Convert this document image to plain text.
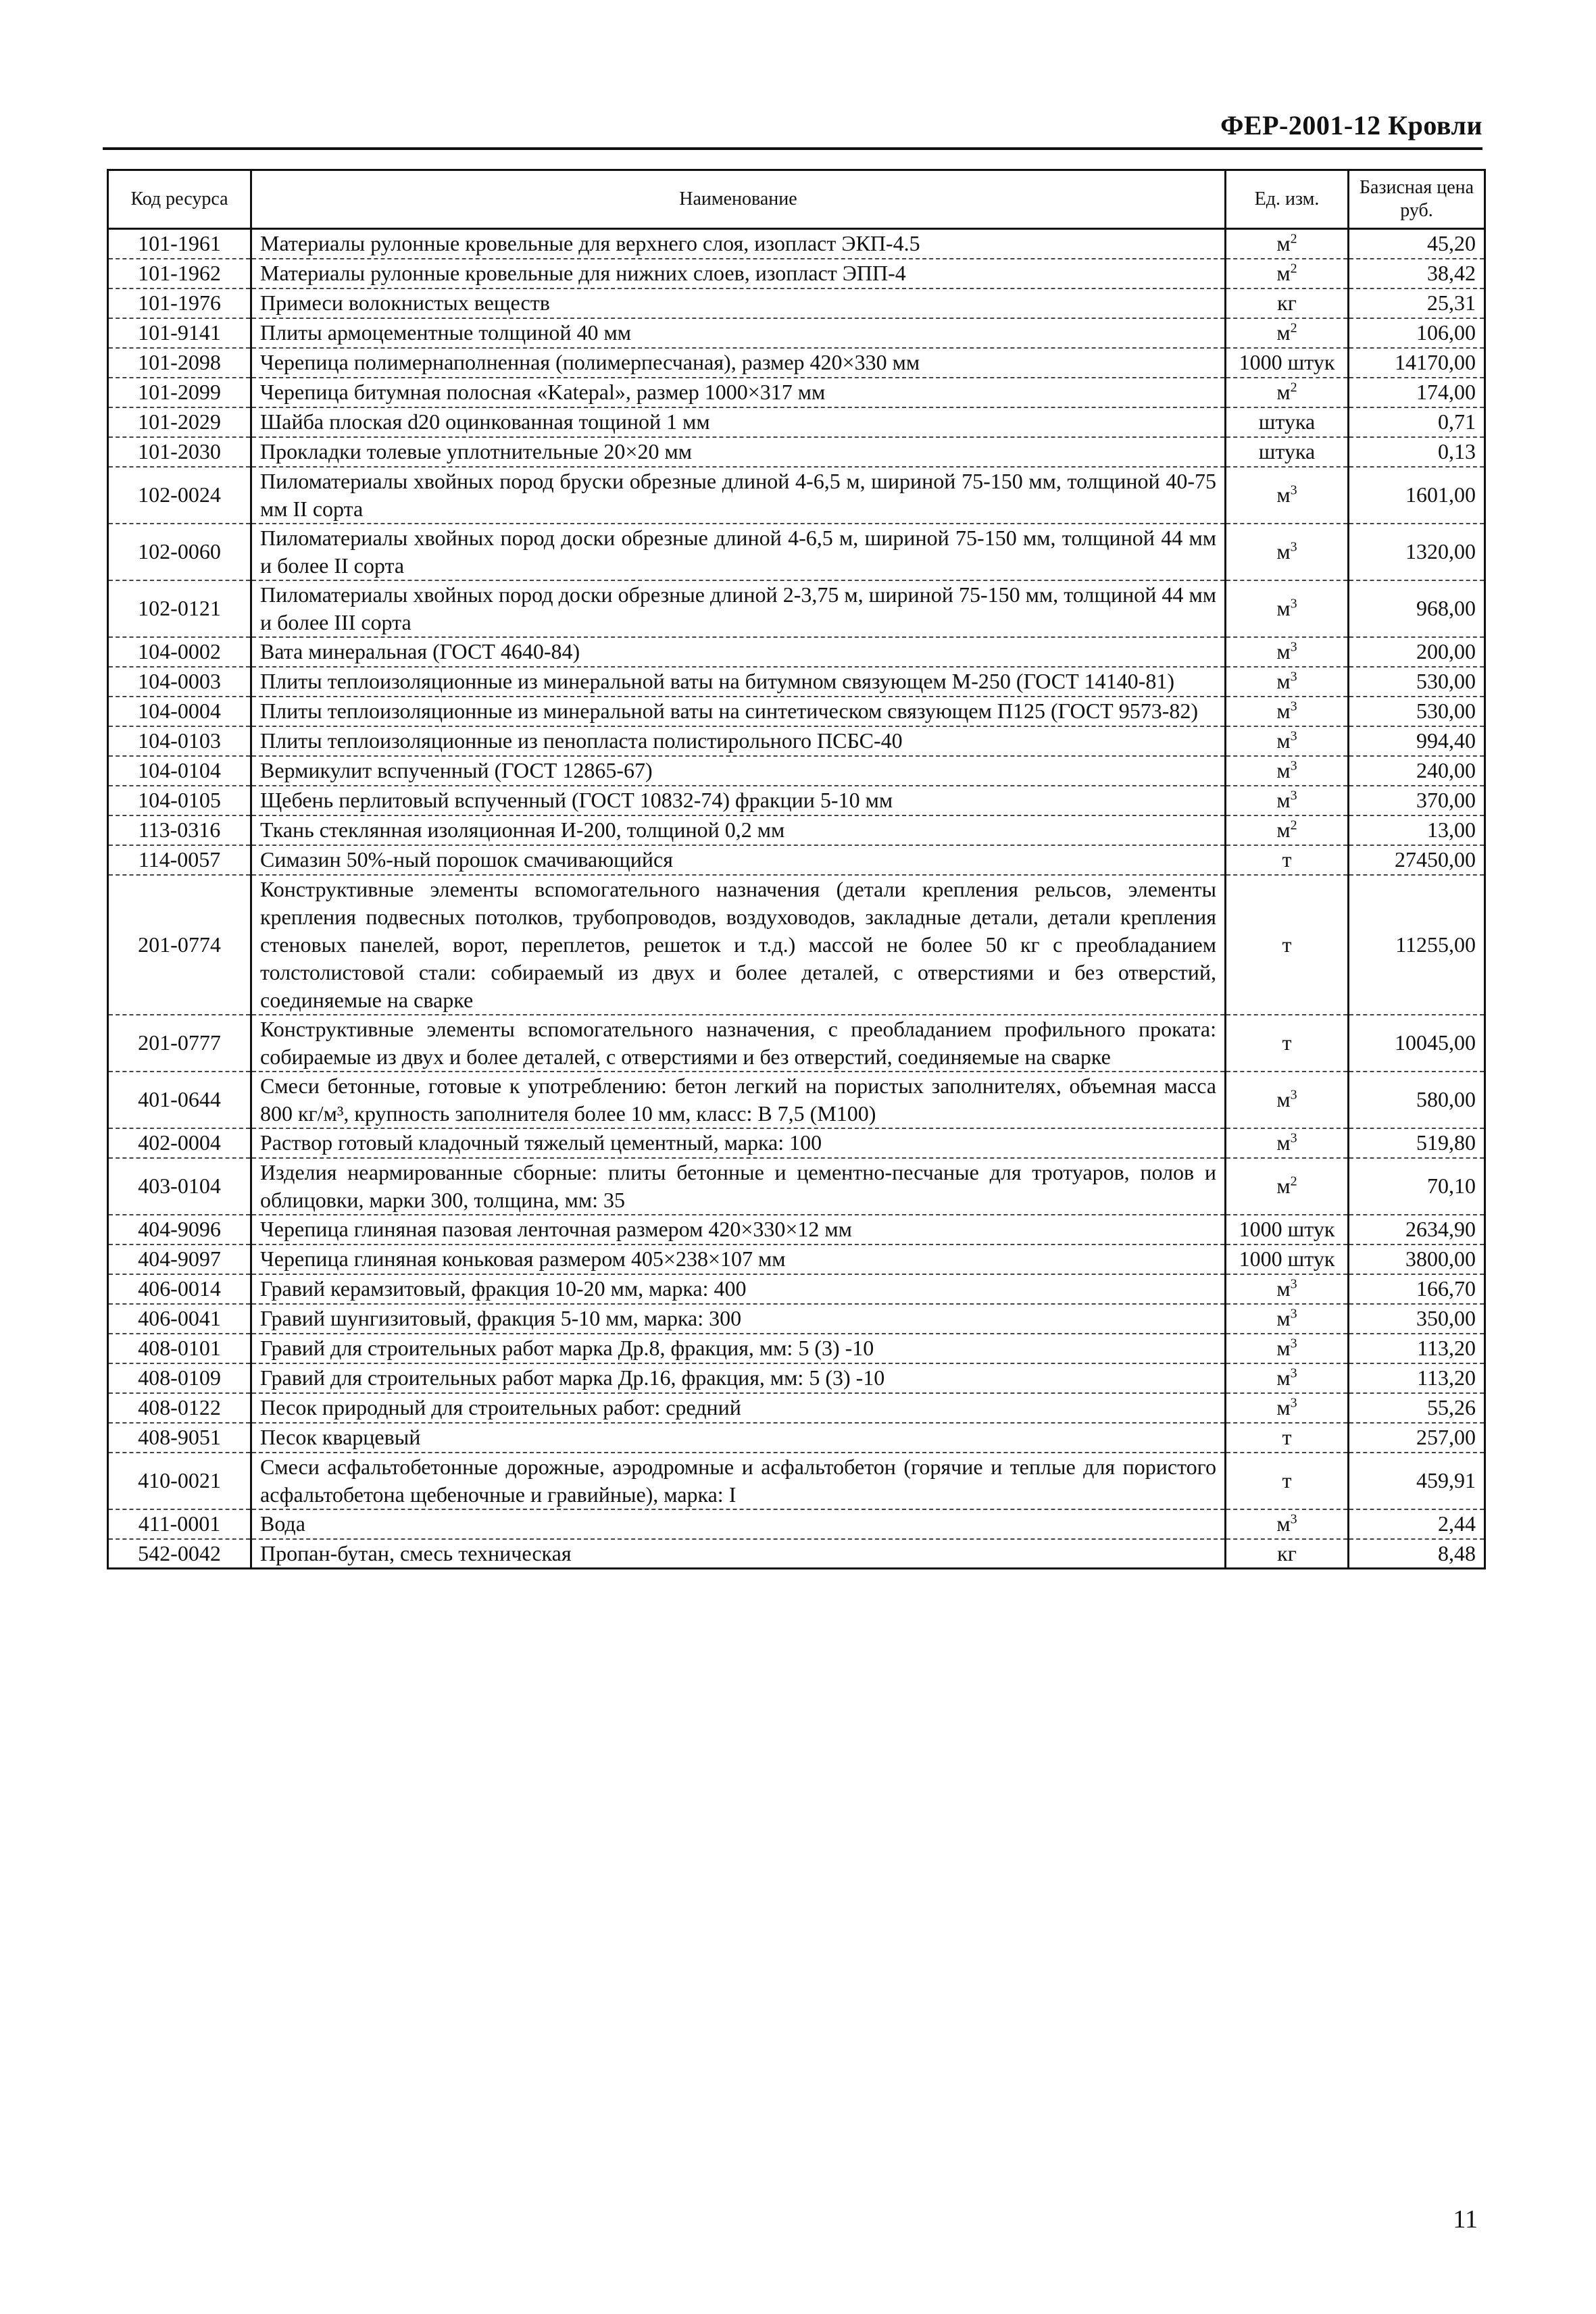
ФЕР-2001-12 Кровли
Код ресурса	Наименование	Ед. изм.	Базисная цена руб.
101-1961	Материалы рулонные кровельные для верхнего слоя, изопласт ЭКП-4.5	$м^2$	45,20
101-1962	Материалы рулонные кровельные для нижних слоев, изопласт ЭПП-4	$м^2$	38,42
101-1976	Примеси волокнистых веществ	кг	25,31
101-9141	Плиты армоцементные толщиной 40 мм	$м^2$	106,00
101-2098	Черепица полимернаполненная (полимерпесчаная), размер 420×330 мм	1000 штук	14170,00
101-2099	Черепица битумная полосная «Katepal», размер 1000×317 мм	$м^2$	174,00
101-2029	Шайба плоская d20 оцинкованная тощиной 1 мм	штука	0,71
101-2030	Прокладки толевые уплотнительные 20×20 мм	штука	0,13
102-0024	Пиломатериалы хвойных пород бруски обрезные длиной 4-6,5 м, шириной 75-150 мм, толщиной 40-75 мм II сорта	$м^3$	1601,00
102-0060	Пиломатериалы хвойных пород доски обрезные длиной 4-6,5 м, шириной 75-150 мм, толщиной 44 мм и более II сорта	$м^3$	1320,00
102-0121	Пиломатериалы хвойных пород доски обрезные длиной 2-3,75 м, шириной 75-150 мм, толщиной 44 мм и более III сорта	$м^3$	968,00
104-0002	Вата минеральная (ГОСТ 4640-84)	$м^3$	200,00
104-0003	Плиты теплоизоляционные из минеральной ваты на битумном связующем М-250 (ГОСТ 14140-81)	$м^3$	530,00
104-0004	Плиты теплоизоляционные из минеральной ваты на синтетическом связующем П125 (ГОСТ 9573-82)	$м^3$	530,00
104-0103	Плиты теплоизоляционные из пенопласта полистирольного ПСБС-40	$м^3$	994,40
104-0104	Вермикулит вспученный (ГОСТ 12865-67)	$м^3$	240,00
104-0105	Щебень перлитовый вспученный (ГОСТ 10832-74) фракции 5-10 мм	$м^3$	370,00
113-0316	Ткань стеклянная изоляционная И-200, толщиной 0,2 мм	$м^2$	13,00
114-0057	Симазин 50%-ный порошок смачивающийся	т	27450,00
201-0774	Конструктивные элементы вспомогательного назначения (детали крепления рельсов, элементы крепления подвесных потолков, трубопроводов, воздуховодов, закладные детали, детали крепления стеновых панелей, ворот, переплетов, решеток и т.д.) массой не более 50 кг с преобладанием толстолистовой стали: собираемый из двух и более деталей, с отверстиями и без отверстий, соединяемые на сварке	т	11255,00
201-0777	Конструктивные элементы вспомогательного назначения, с преобладанием профильного проката: собираемые из двух и более деталей, с отверстиями и без отверстий, соединяемые на сварке	т	10045,00
401-0644	Смеси бетонные, готовые к употреблению: бетон легкий на пористых заполнителях, объемная масса 800 кг/м³, крупность заполнителя более 10 мм, класс: В 7,5 (М100)	$м^3$	580,00
402-0004	Раствор готовый кладочный тяжелый цементный, марка: 100	$м^3$	519,80
403-0104	Изделия неармированные сборные: плиты бетонные и цементно-песчаные для тротуаров, полов и облицовки, марки 300, толщина, мм: 35	$м^2$	70,10
404-9096	Черепица глиняная пазовая ленточная размером 420×330×12 мм	1000 штук	2634,90
404-9097	Черепица глиняная коньковая размером 405×238×107 мм	1000 штук	3800,00
406-0014	Гравий керамзитовый, фракция 10-20 мм, марка: 400	$м^3$	166,70
406-0041	Гравий шунгизитовый, фракция 5-10 мм, марка: 300	$м^3$	350,00
408-0101	Гравий для строительных работ марка Др.8, фракция, мм: 5 (3) -10	$м^3$	113,20
408-0109	Гравий для строительных работ марка Др.16, фракция, мм: 5 (3) -10	$м^3$	113,20
408-0122	Песок природный для строительных работ: средний	$м^3$	55,26
408-9051	Песок кварцевый	т	257,00
410-0021	Смеси асфальтобетонные дорожные, аэродромные и асфальтобетон (горячие и теплые для пористого асфальтобетона щебеночные и гравийные), марка: I	т	459,91
411-0001	Вода	$м^3$	2,44
542-0042	Пропан-бутан, смесь техническая	кг	8,48
11
